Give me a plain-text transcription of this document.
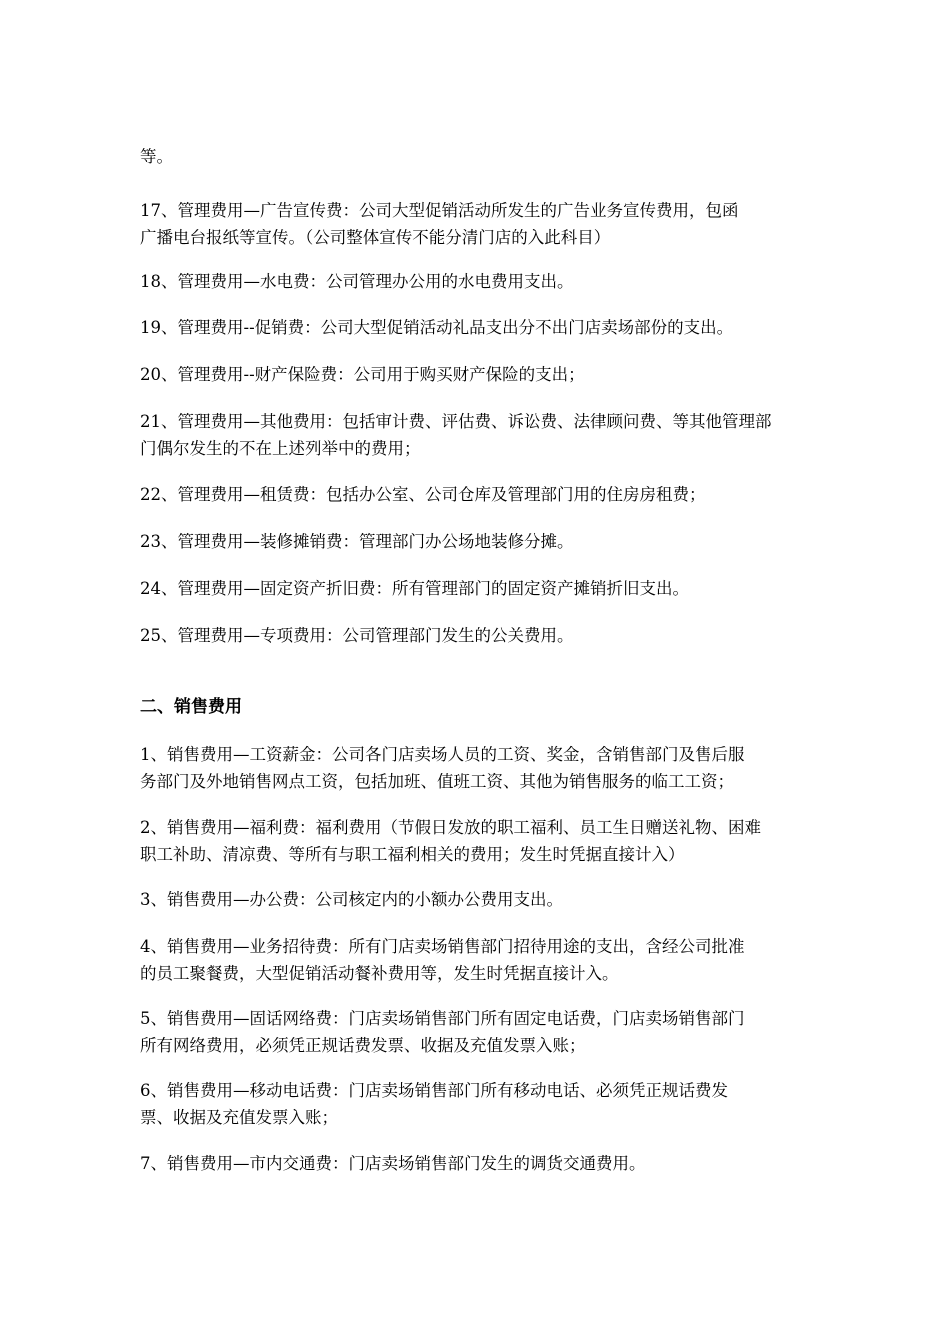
等。

17、管理费用—广告宣传费：公司大型促销活动所发生的广告业务宣传费用，包函
广播电台报纸等宣传。（公司整体宣传不能分清门店的入此科目）

18、管理费用—水电费：公司管理办公用的水电费用支出。

19、管理费用--促销费：公司大型促销活动礼品支出分不出门店卖场部份的支出。

20、管理费用--财产保险费：公司用于购买财产保险的支出；

21、管理费用—其他费用：包括审计费、评估费、诉讼费、法律顾问费、等其他管理部
门偶尔发生的不在上述列举中的费用；

22、管理费用—租赁费：包括办公室、公司仓库及管理部门用的住房房租费；

23、管理费用—装修摊销费：管理部门办公场地装修分摊。

24、管理费用—固定资产折旧费：所有管理部门的固定资产摊销折旧支出。

25、管理费用—专项费用：公司管理部门发生的公关费用。

二、销售费用

1、销售费用—工资薪金：公司各门店卖场人员的工资、奖金，含销售部门及售后服
务部门及外地销售网点工资，包括加班、值班工资、其他为销售服务的临工工资；

2、销售费用—福利费：福利费用（节假日发放的职工福利、员工生日赠送礼物、困难
职工补助、清凉费、等所有与职工福利相关的费用；发生时凭据直接计入）

3、销售费用—办公费：公司核定内的小额办公费用支出。

4、销售费用—业务招待费：所有门店卖场销售部门招待用途的支出，含经公司批准
的员工聚餐费，大型促销活动餐补费用等，发生时凭据直接计入。

5、销售费用—固话网络费：门店卖场销售部门所有固定电话费，门店卖场销售部门
所有网络费用，必须凭正规话费发票、收据及充值发票入账；

6、销售费用—移动电话费：门店卖场销售部门所有移动电话、必须凭正规话费发
票、收据及充值发票入账；

7、销售费用—市内交通费：门店卖场销售部门发生的调货交通费用。
